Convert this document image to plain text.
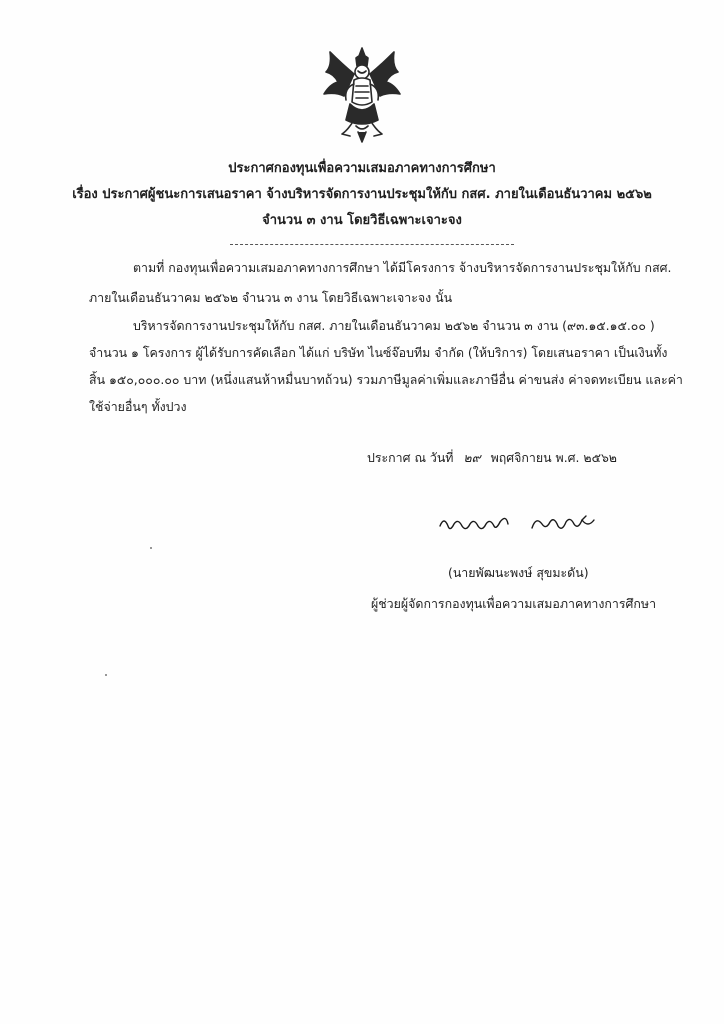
ประกาศกองทุนเพื่อความเสมอภาคทางการศึกษา
เรื่อง ประกาศผู้ชนะการเสนอราคา จ้างบริหารจัดการงานประชุมให้กับ กสศ. ภายในเดือนธันวาคม ๒๕๖๒
จำนวน ๓ งาน โดยวิธีเฉพาะเจาะจง
ตามที่ กองทุนเพื่อความเสมอภาคทางการศึกษา ได้มีโครงการ จ้างบริหารจัดการงานประชุมให้กับ กสศ.
ภายในเดือนธันวาคม ๒๕๖๒ จำนวน ๓ งาน โดยวิธีเฉพาะเจาะจง นั้น
บริหารจัดการงานประชุมให้กับ กสศ. ภายในเดือนธันวาคม ๒๕๖๒ จำนวน ๓ งาน (๙๓.๑๕.๑๕.๐๐ )
จำนวน ๑ โครงการ ผู้ได้รับการคัดเลือก ได้แก่ บริษัท ไนซ์จ๊อบทีม จำกัด (ให้บริการ) โดยเสนอราคา เป็นเงินทั้ง
สิ้น ๑๕๐,๐๐๐.๐๐ บาท (หนึ่งแสนห้าหมื่นบาทถ้วน) รวมภาษีมูลค่าเพิ่มและภาษีอื่น ค่าขนส่ง ค่าจดทะเบียน และค่า
ใช้จ่ายอื่นๆ ทั้งปวง
ประกาศ ณ วันที่ ๒๙ พฤศจิกายน พ.ศ. ๒๕๖๒
(นายพัฒนะพงษ์ สุขมะดัน)
ผู้ช่วยผู้จัดการกองทุนเพื่อความเสมอภาคทางการศึกษา
